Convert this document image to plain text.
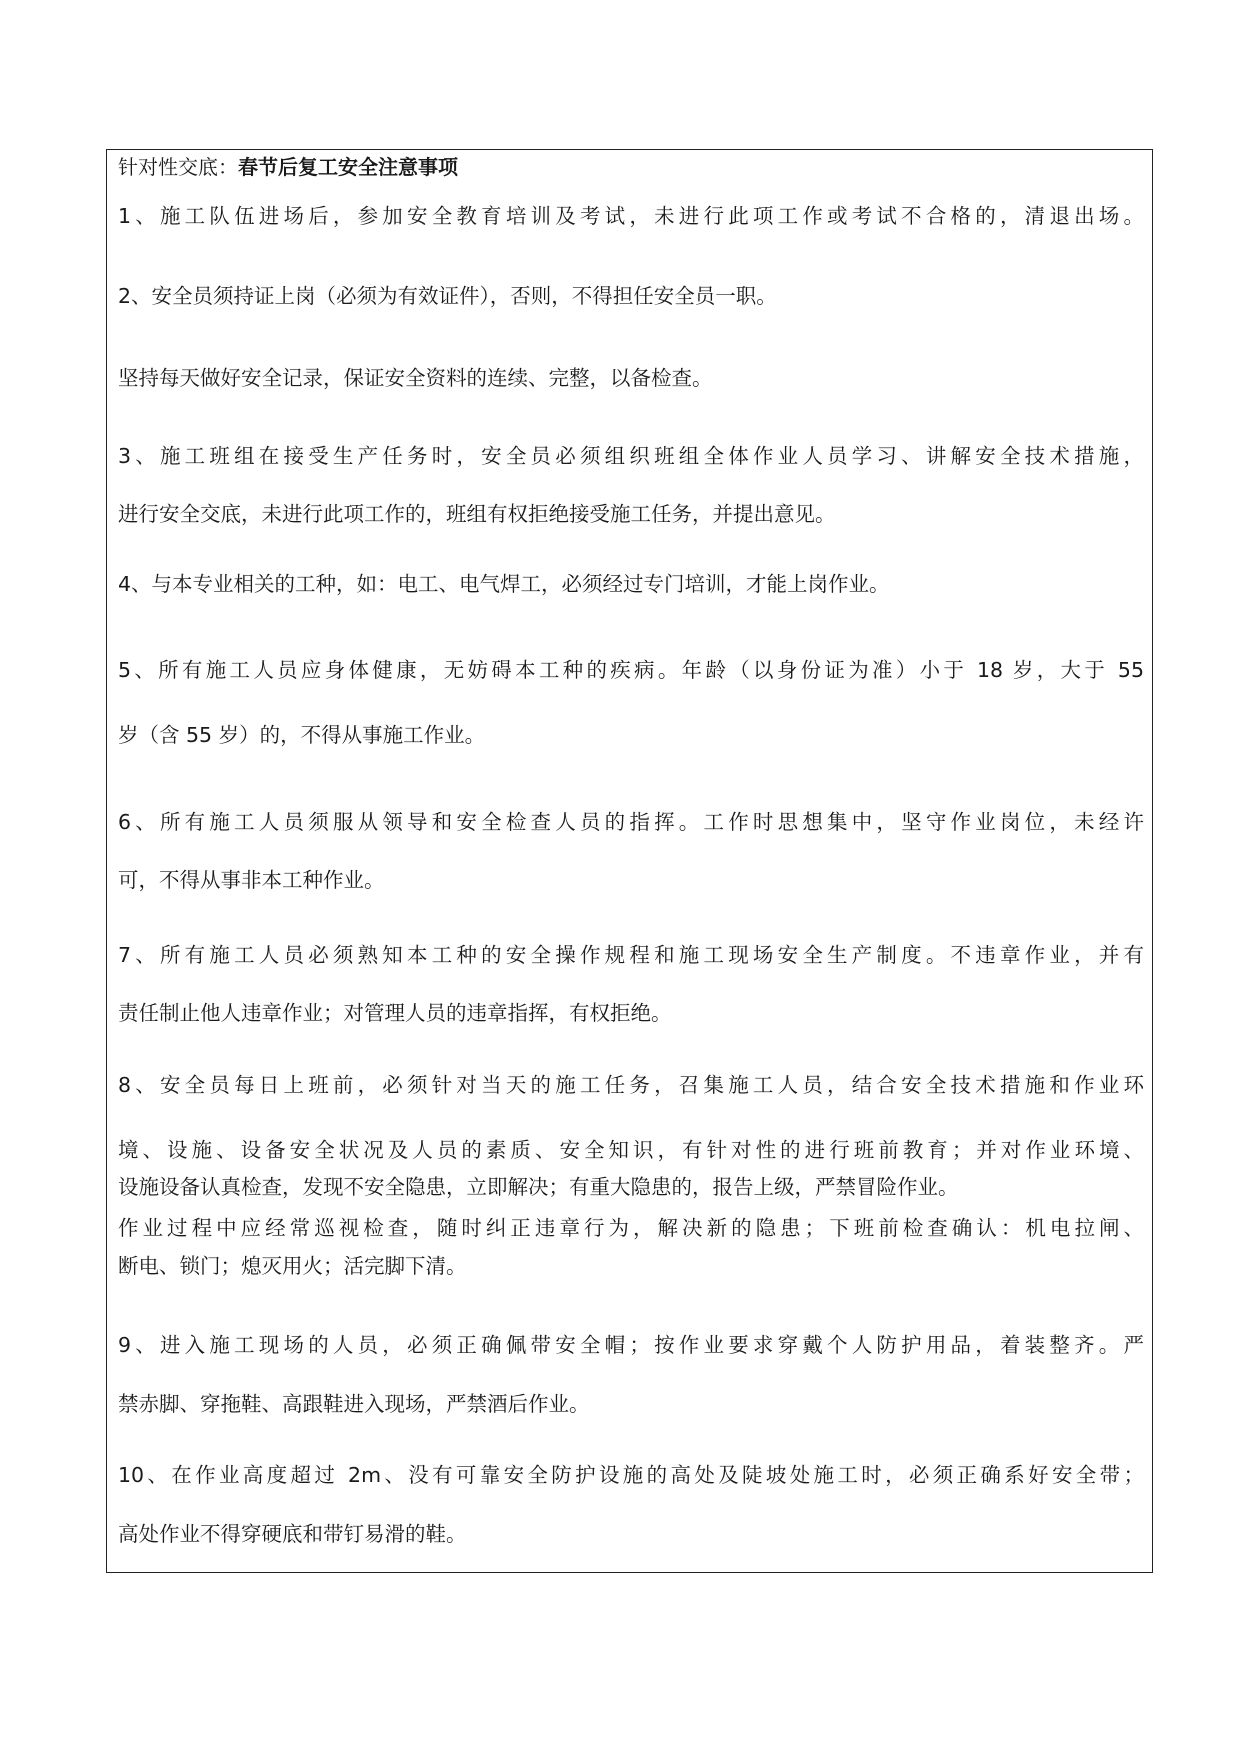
针对性交底：春节后复工安全注意事项
1、施工队伍进场后，参加安全教育培训及考试，未进行此项工作或考试不合格的，清退出场。
2、安全员须持证上岗（必须为有效证件），否则，不得担任安全员一职。
坚持每天做好安全记录，保证安全资料的连续、完整，以备检查。
3、施工班组在接受生产任务时，安全员必须组织班组全体作业人员学习、讲解安全技术措施，
进行安全交底，未进行此项工作的，班组有权拒绝接受施工任务，并提出意见。
4、与本专业相关的工种，如：电工、电气焊工，必须经过专门培训，才能上岗作业。
5、所有施工人员应身体健康，无妨碍本工种的疾病。年龄（以身份证为准）小于 18 岁，大于 55
岁（含 55 岁）的，不得从事施工作业。
6、所有施工人员须服从领导和安全检查人员的指挥。工作时思想集中，坚守作业岗位，未经许
可，不得从事非本工种作业。
7、所有施工人员必须熟知本工种的安全操作规程和施工现场安全生产制度。不违章作业，并有
责任制止他人违章作业；对管理人员的违章指挥，有权拒绝。
8、安全员每日上班前，必须针对当天的施工任务，召集施工人员，结合安全技术措施和作业环
境、设施、设备安全状况及人员的素质、安全知识，有针对性的进行班前教育；并对作业环境、
设施设备认真检查，发现不安全隐患，立即解决；有重大隐患的，报告上级，严禁冒险作业。
作业过程中应经常巡视检查，随时纠正违章行为，解决新的隐患；下班前检查确认：机电拉闸、
断电、锁门；熄灭用火；活完脚下清。
9、进入施工现场的人员，必须正确佩带安全帽；按作业要求穿戴个人防护用品，着装整齐。严
禁赤脚、穿拖鞋、高跟鞋进入现场，严禁酒后作业。
10、在作业高度超过 2m、没有可靠安全防护设施的高处及陡坡处施工时，必须正确系好安全带；
高处作业不得穿硬底和带钉易滑的鞋。
